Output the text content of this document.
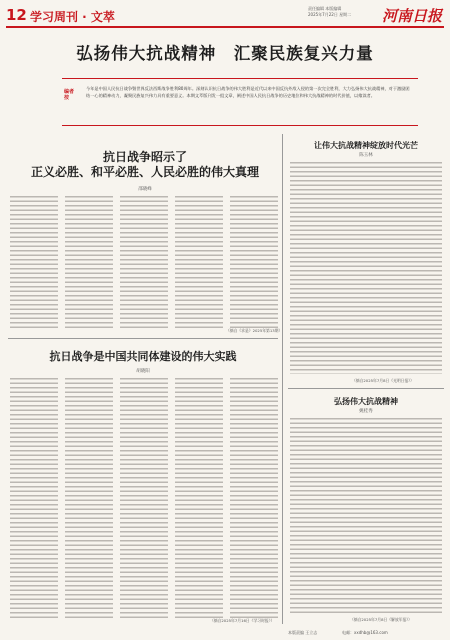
12 学习周刊 · 文萃
责任编辑 本版编辑
2025年7月22日 星期二 河南日报
弘扬伟大抗战精神　汇聚民族复兴力量
编者按
今年是中国人民抗日战争暨世界反法西斯战争胜利80周年。深刻认识抗日战争的伟大胜利是近代以来中国反抗外敌入侵的第一次完全胜利，大力弘扬伟大抗战精神，对于激励团结一心的精神动力，凝聚民族复兴伟力具有重要意义。本期文萃版刊发一组文章，阐述中国人民抗日战争的历史地位和伟大抗战精神的时代价值，以飨读者。
抗日战争昭示了
正义必胜、和平必胜、人民必胜的伟大真理
邵晓峰
（摘自《求是》2025年第13期）
抗日战争是中国共同体建设的伟大实践
胡晓阳
（摘自2025年7月16日《学习时报》）
让伟大抗战精神绽放时代光芒
陈玉林
（摘自2025年7月8日《光明日报》）
弘扬伟大抗战精神
姚桂秀
（摘自2025年7月8日《解放军报》）
本版责编 王立志	电邮：xxdhb@163.com
